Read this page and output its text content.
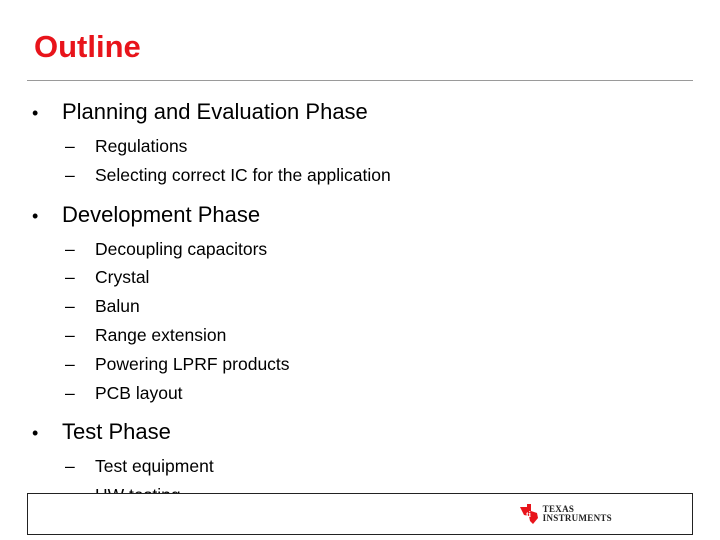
Outline
•	Planning and Evaluation Phase
–	Regulations
–	Selecting correct IC for the application
•	Development Phase
–	Decoupling capacitors
–	Crystal
–	Balun
–	Range extension
–	Powering LPRF products
–	PCB layout
•	Test Phase
–	Test equipment
ti
TEXAS
INSTRUMENTS
